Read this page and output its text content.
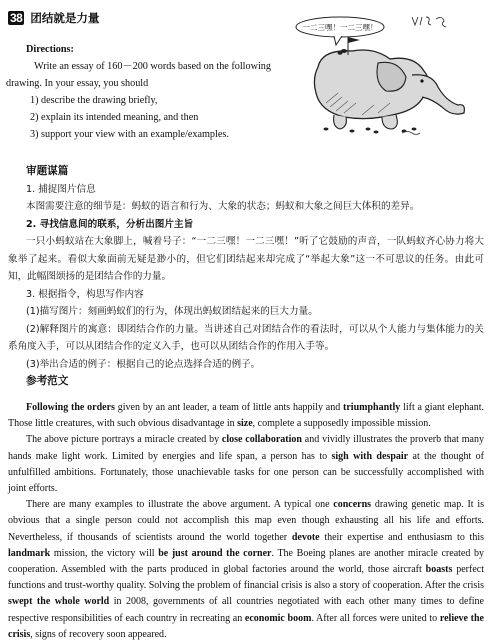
38 团结就是力量

Directions:

Write an essay of 160－200 words based on the following

drawing. In your essay, you should

1) describe the drawing briefly,
2) explain its intended meaning, and then
3) support your view with an example/examples.
一二三嘿！一二三嘿！
审题谋篇

1. 捕捉图片信息

本图需要注意的细节是：蚂蚁的语言和行为、大象的状态；蚂蚁和大象之间巨大体积的差异。

2. 寻找信息间的联系，分析出图片主旨

一只小蚂蚁站在大象脚上，喊着号子：“一二三嘿！一二三嘿！”听了它鼓励的声音，一队蚂蚁齐心协力将大象举了起来。看似大象面前无疑是渺小的，但它们团结起来却完成了“举起大象”这一不可思议的任务。由此可知，此幅图颂扬的是团结合作的力量。

3. 根据指令，构思写作内容

(1)描写图片：刻画蚂蚁们的行为，体现出蚂蚁团结起来的巨大力量。

(2)解释图片的寓意：即团结合作的力量。当讲述自己对团结合作的看法时，可以从个人能力与集体能力的关系角度入手，可以从团结合作的定义入手，也可以从团结合作的作用入手等。

(3)举出合适的例子：根据自己的论点选择合适的例子。

参考范文

Following the orders given by an ant leader, a team of little ants happily and triumphantly lift a giant elephant. Those little creatures, with such obvious disadvantage in size, complete a supposedly impossible mission.

The above picture portrays a miracle created by close collaboration and vividly illustrates the proverb that many hands make light work. Limited by energies and life span, a person has to sigh with despair at the thought of unfulfilled ambitions. Fortunately, those unachievable tasks for one person can be successfully accomplished with joint efforts.

There are many examples to illustrate the above argument. A typical one concerns drawing genetic map. It is obvious that a single person could not accomplish this map even though exhausting all his life and efforts. Nevertheless, if thousands of scientists around the world together devote their expertise and enthusiasm to this landmark mission, the victory will be just around the corner. The Boeing planes are another miracle created by cooperation. Assembled with the parts produced in global factories around the world, those aircraft boasts perfect functions and trust-worthy quality. Solving the problem of financial crisis is also a story of cooperation. After the crisis swept the whole world in 2008, governments of all countries negotiated with each other many times to define respective responsibilities of each country in recreating an economic boom. After all forces were united to relieve the crisis, signs of recovery soon appeared.
